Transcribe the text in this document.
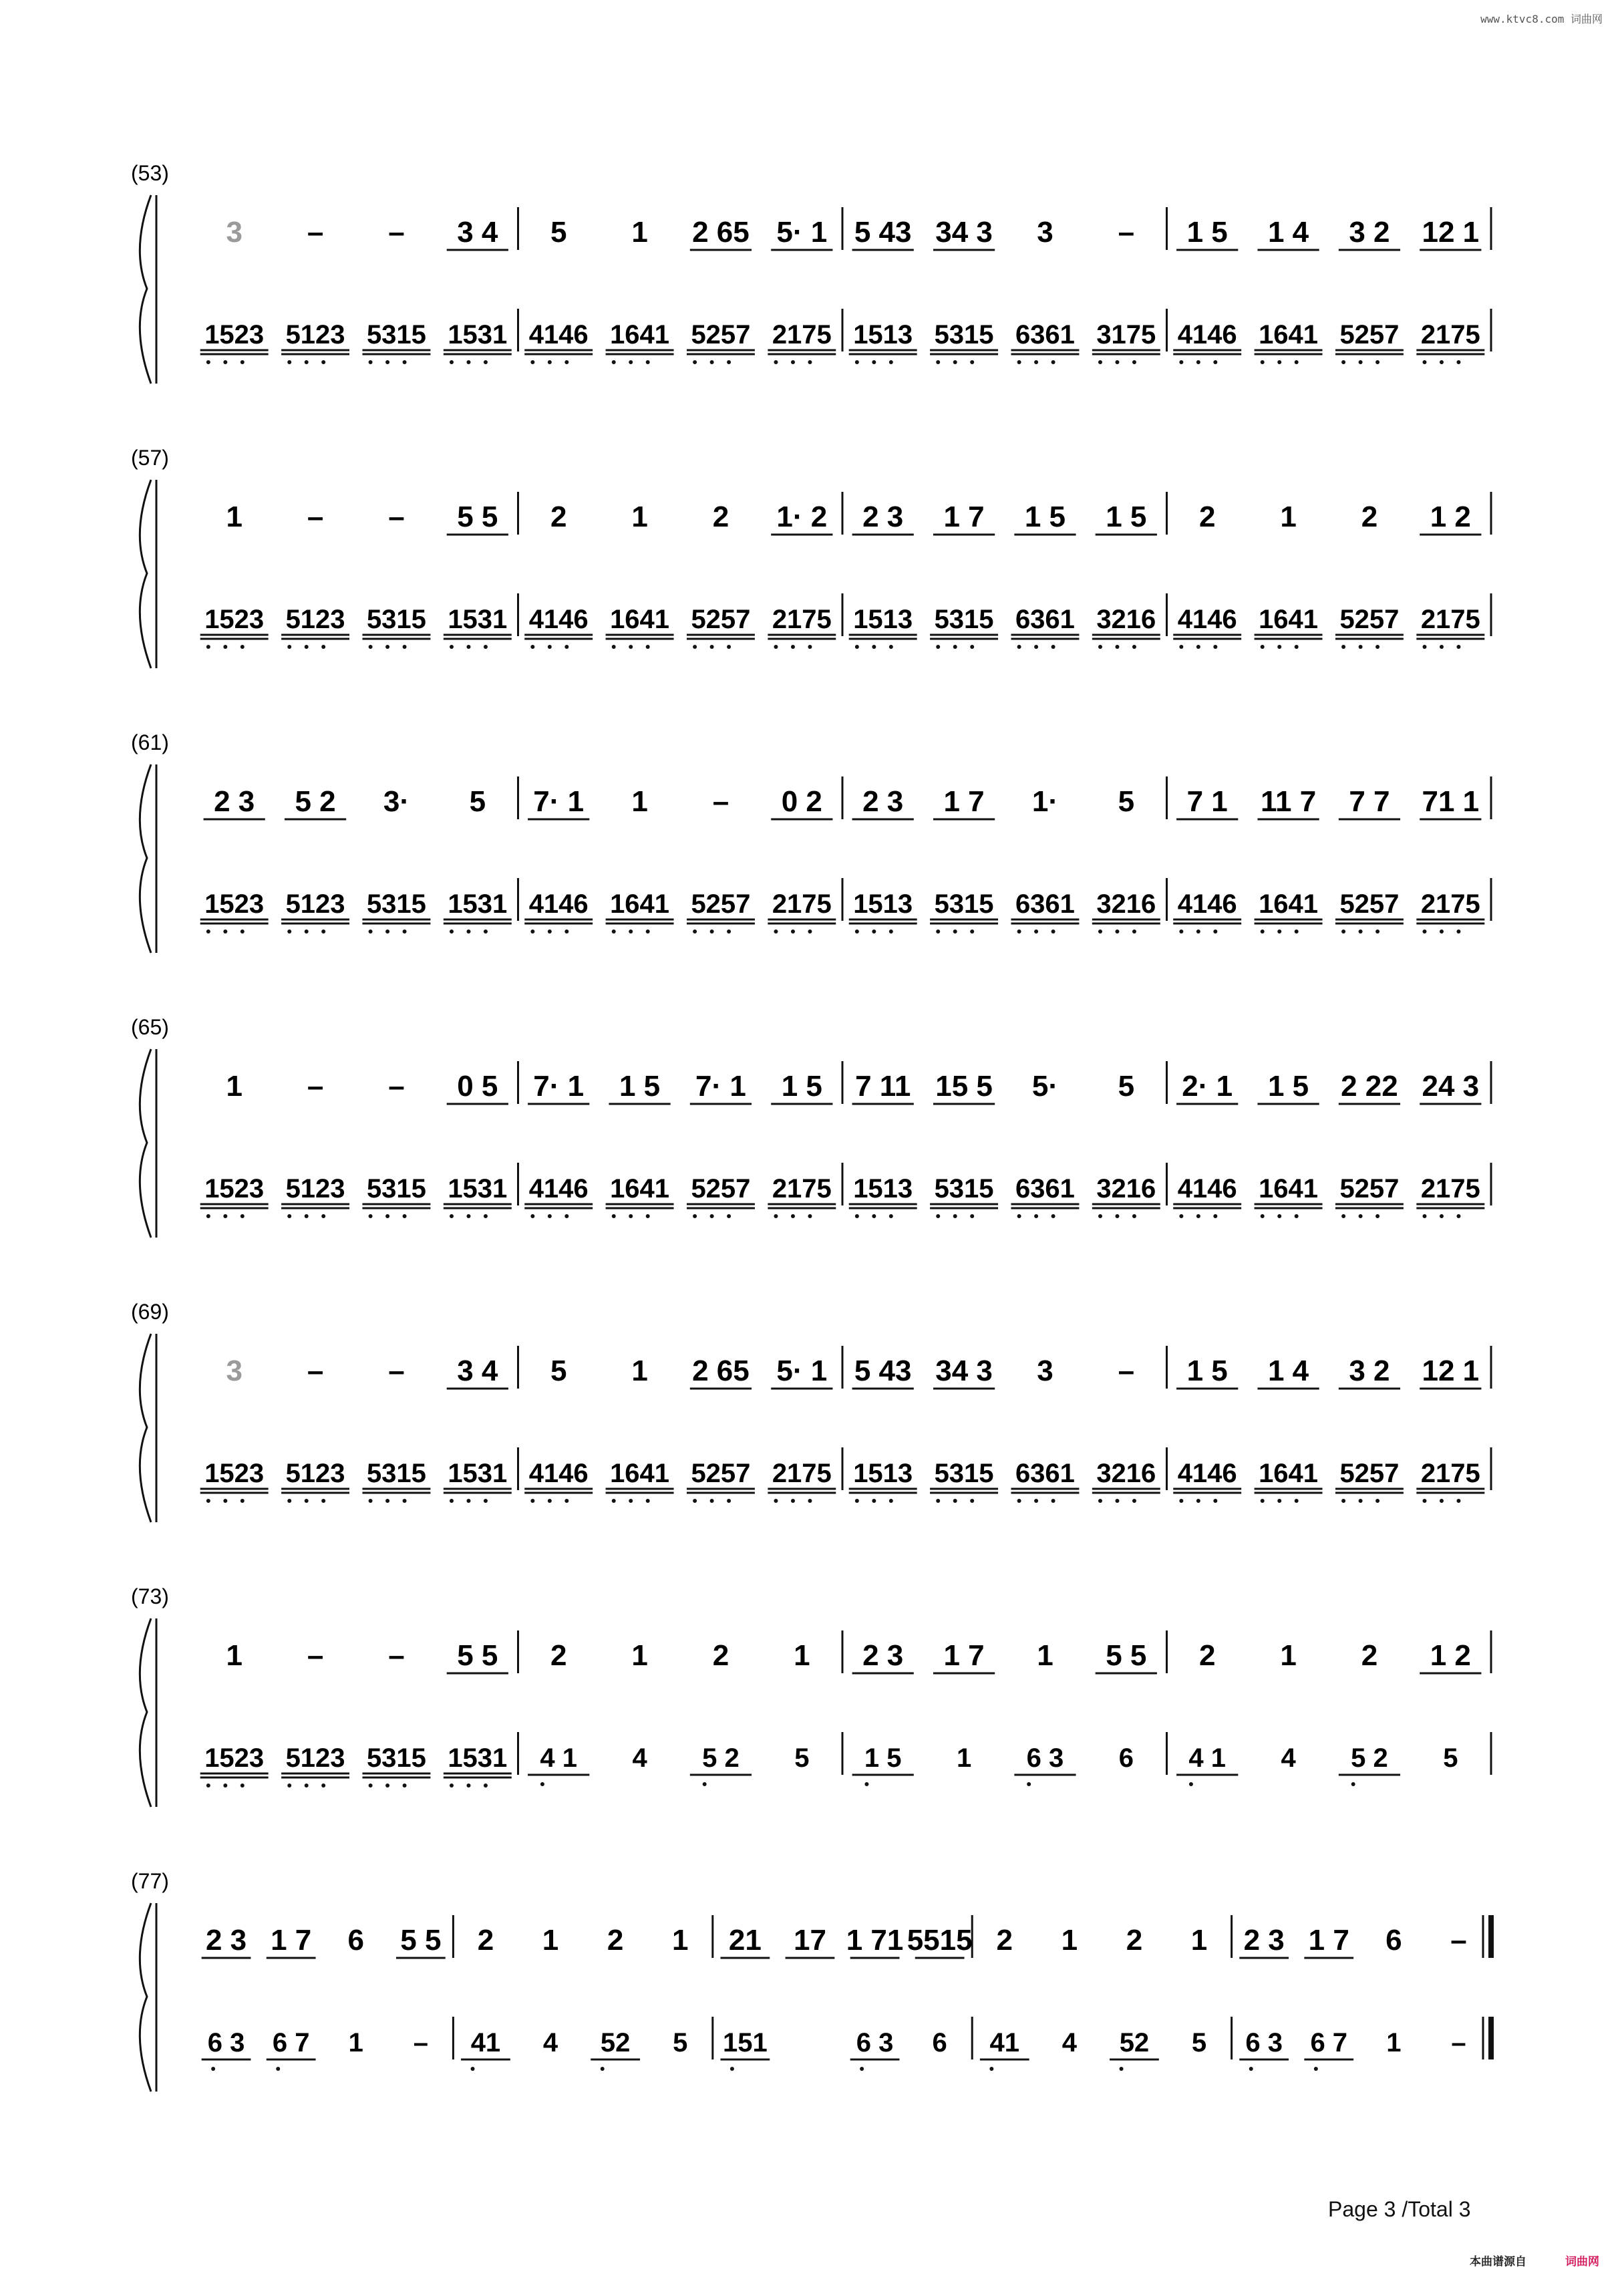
www.ktvc8.com 词曲网
(53)
3 – – 3 4
1523 5123 5315 1531
5 1 2 65 5· 1
4146 1641 5257 2175
5 43 34 3 3 –
1513 5315 6361 3175
1 5 1 4 3 2 12 1
4146 1641 5257 2175
(57)
1 – – 5 5
1523 5123 5315 1531
2 1 2 1· 2
4146 1641 5257 2175
2 3 1 7 1 5 1 5
1513 5315 6361 3216
2 1 2 1 2
4146 1641 5257 2175
(61)
2 3 5 2 3· 5
1523 5123 5315 1531
7· 1 1 – 0 2
4146 1641 5257 2175
2 3 1 7 1· 5
1513 5315 6361 3216
7 1 11 7 7 7 71 1
4146 1641 5257 2175
(65)
1 – – 0 5
1523 5123 5315 1531
7· 1 1 5 7· 1 1 5
4146 1641 5257 2175
7 11 15 5 5· 5
1513 5315 6361 3216
2· 1 1 5 2 22 24 3
4146 1641 5257 2175
(69)
3 – – 3 4
1523 5123 5315 1531
5 1 2 65 5· 1
4146 1641 5257 2175
5 43 34 3 3 –
1513 5315 6361 3216
1 5 1 4 3 2 12 1
4146 1641 5257 2175
(73)
1 – – 5 5
1523 5123 5315 1531
2 1 2 1
4 1 4 5 2 5
2 3 1 7 1 5 5
1 5 1 6 3 6
2 1 2 1 2
4 1 4 5 2 5
(77)
2 3 1 7 6 5 5
6 3 6 7 1 –
2 1 2 1
41 4 52 5
21 17 1 71 5515
151	6 3 6
2 1 2 1
41 4 52 5
2 3 1 7 6 –
6 3 6 7 1 –
Page 3 /Total 3
本曲谱源自	词曲网
